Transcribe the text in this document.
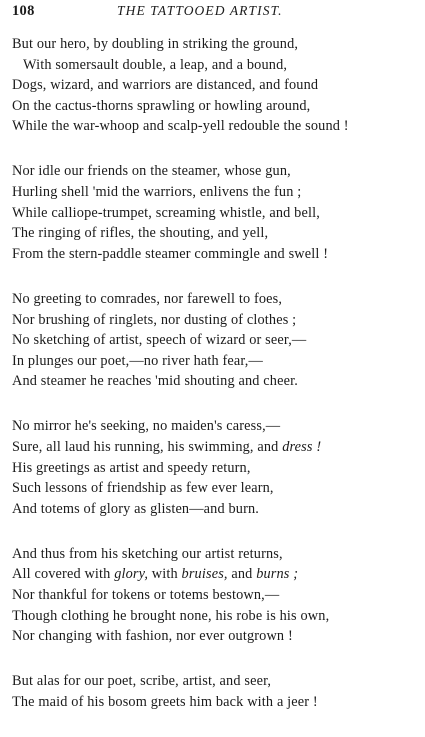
108	THE TATTOOED ARTIST.
But our hero, by doubling in striking the ground,
With somersault double, a leap, and a bound,
Dogs, wizard, and warriors are distanced, and found
On the cactus-thorns sprawling or howling around,
While the war-whoop and scalp-yell redouble the sound !
Nor idle our friends on the steamer, whose gun,
Hurling shell 'mid the warriors, enlivens the fun ;
While calliope-trumpet, screaming whistle, and bell,
The ringing of rifles, the shouting, and yell,
From the stern-paddle steamer commingle and swell !
No greeting to comrades, nor farewell to foes,
Nor brushing of ringlets, nor dusting of clothes ;
No sketching of artist, speech of wizard or seer,—
In plunges our poet,—no river hath fear,—
And steamer he reaches 'mid shouting and cheer.
No mirror he's seeking, no maiden's caress,—
Sure, all laud his running, his swimming, and dress !
His greetings as artist and speedy return,
Such lessons of friendship as few ever learn,
And totems of glory as glisten—and burn.
And thus from his sketching our artist returns,
All covered with glory, with bruises, and burns ;
Nor thankful for tokens or totems bestown,—
Though clothing he brought none, his robe is his own,
Nor changing with fashion, nor ever outgrown !
But alas for our poet, scribe, artist, and seer,
The maid of his bosom greets him back with a jeer !
